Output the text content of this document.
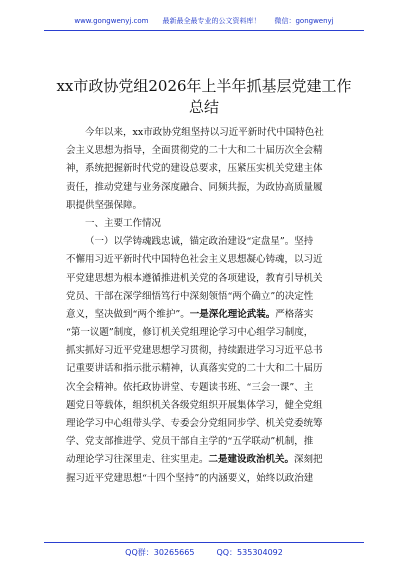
www.gongwenyj.com 最新最全最专业的公文资料库！ 微信：gongwenyj
xx市政协党组2026年上半年抓基层党建工作
总结
今年以来，xx市政协党组坚持以习近平新时代中国特色社
会主义思想为指导，全面贯彻党的二十大和二十届历次全会精
神，系统把握新时代党的建设总要求，压紧压实机关党建主体
责任，推动党建与业务深度融合、同频共振，为政协高质量履
职提供坚强保障。
一、主要工作情况
（一）以学铸魂践忠诚，锚定政治建设“定盘星”。坚持
不懈用习近平新时代中国特色社会主义思想凝心铸魂，以习近
平党建思想为根本遵循推进机关党的各项建设，教育引导机关
党员、干部在深学细悟笃行中深刻领悟“两个确立”的决定性
意义，坚决做到“两个维护”。一是深化理论武装。严格落实
“第一议题”制度，修订机关党组理论学习中心组学习制度，
抓实抓好习近平党建思想学习贯彻，持续跟进学习习近平总书
记重要讲话和指示批示精神，认真落实党的二十大和二十届历
次全会精神。依托政协讲堂、专题读书班、“三会一课”、主
题党日等载体，组织机关各级党组织开展集体学习，健全党组
理论学习中心组带头学、专委会分党组同步学、机关党委统筹
学、党支部推进学、党员干部自主学的“五学联动”机制，推
动理论学习往深里走、往实里走。二是建设政治机关。深刻把
握习近平党建思想“十四个坚持”的内涵要义，始终以政治建
QQ群：30265665	QQ：535304092
